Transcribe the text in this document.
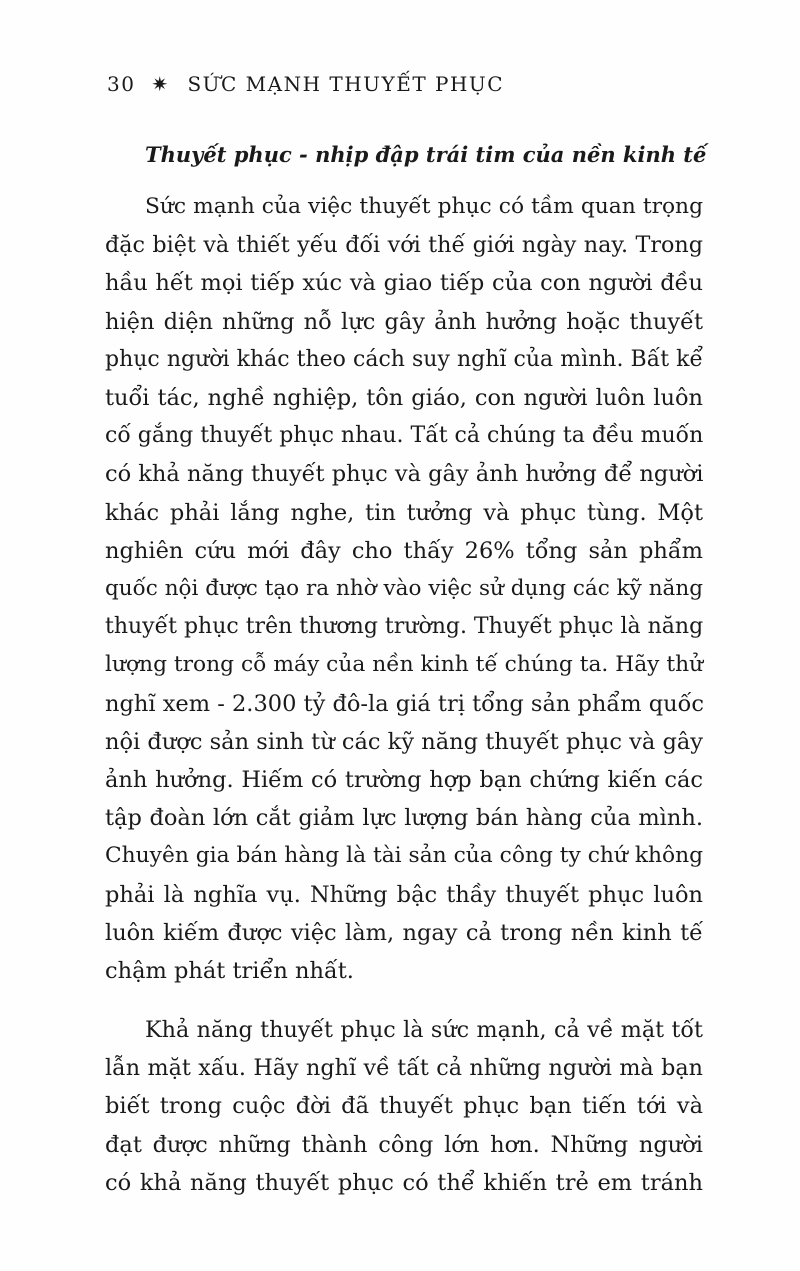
30 ✷ SỨC MẠNH THUYẾT PHỤC
Thuyết phục - nhịp đập trái tim của nền kinh tế
Sức mạnh của việc thuyết phục có tầm quan trọng
đặc biệt và thiết yếu đối với thế giới ngày nay. Trong
hầu hết mọi tiếp xúc và giao tiếp của con người đều
hiện diện những nỗ lực gây ảnh hưởng hoặc thuyết
phục người khác theo cách suy nghĩ của mình. Bất kể
tuổi tác, nghề nghiệp, tôn giáo, con người luôn luôn
cố gắng thuyết phục nhau. Tất cả chúng ta đều muốn
có khả năng thuyết phục và gây ảnh hưởng để người
khác phải lắng nghe, tin tưởng và phục tùng. Một
nghiên cứu mới đây cho thấy 26% tổng sản phẩm
quốc nội được tạo ra nhờ vào việc sử dụng các kỹ năng
thuyết phục trên thương trường. Thuyết phục là năng
lượng trong cỗ máy của nền kinh tế chúng ta. Hãy thử
nghĩ xem - 2.300 tỷ đô-la giá trị tổng sản phẩm quốc
nội được sản sinh từ các kỹ năng thuyết phục và gây
ảnh hưởng. Hiếm có trường hợp bạn chứng kiến các
tập đoàn lớn cắt giảm lực lượng bán hàng của mình.
Chuyên gia bán hàng là tài sản của công ty chứ không
phải là nghĩa vụ. Những bậc thầy thuyết phục luôn
luôn kiếm được việc làm, ngay cả trong nền kinh tế
chậm phát triển nhất.
Khả năng thuyết phục là sức mạnh, cả về mặt tốt
lẫn mặt xấu. Hãy nghĩ về tất cả những người mà bạn
biết trong cuộc đời đã thuyết phục bạn tiến tới và
đạt được những thành công lớn hơn. Những người
có khả năng thuyết phục có thể khiến trẻ em tránh
